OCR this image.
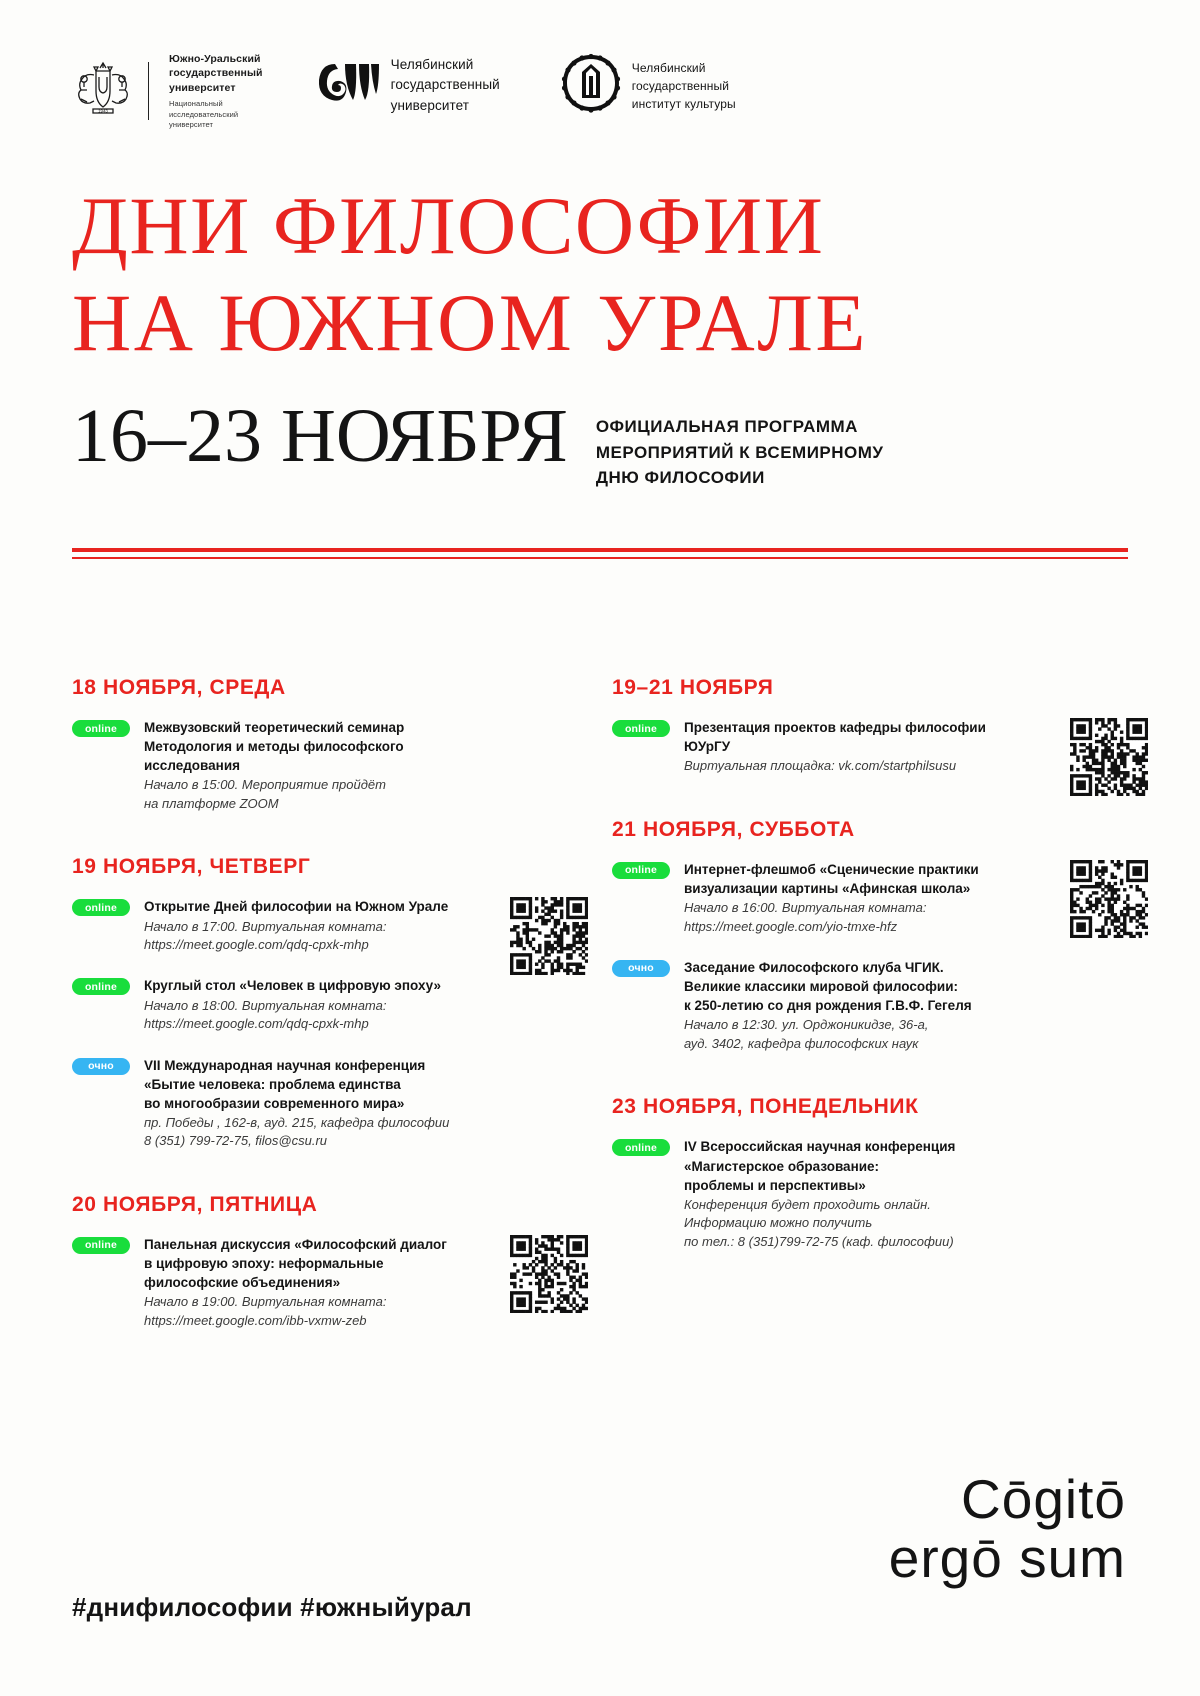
1943
Южно-Уральский
государственный
университет
Национальный
исследовательский
университет
Челябинский
государственный
университет
Челябинский
государственный
институт культуры
ДНИ ФИЛОСОФИИ
НА ЮЖНОМ УРАЛЕ
16–23 НОЯБРЯ ОФИЦИАЛЬНАЯ ПРОГРАММА
МЕРОПРИЯТИЙ К ВСЕМИРНОМУ
ДНЮ ФИЛОСОФИИ
18 НОЯБРЯ, СРЕДА
online	Межвузовский теоретический семинар
Методология и методы философского
исследования
Начало в 15:00. Мероприятие пройдёт
на платформе ZOOM
19 НОЯБРЯ, ЧЕТВЕРГ
online	Открытие Дней философии на Южном Урале
Начало в 17:00. Виртуальная комната:
https://meet.google.com/qdq-cpxk-mhp
online	Круглый стол «Человек в цифровую эпоху»
Начало в 18:00. Виртуальная комната:
https://meet.google.com/qdq-cpxk-mhp
очно	VII Международная научная конференция
«Бытие человека: проблема единства
во многообразии современного мира»
пр. Победы , 162-в, ауд. 215, кафедра философии
8 (351) 799-72-75, filos@csu.ru
20 НОЯБРЯ, ПЯТНИЦА
online	Панельная дискуссия «Философский диалог
в цифровую эпоху: неформальные
философские объединения»
Начало в 19:00. Виртуальная комната:
https://meet.google.com/ibb-vxmw-zeb
19–21 НОЯБРЯ
online	Презентация проектов кафедры философии
ЮУрГУ
Виртуальная площадка: vk.com/startphilsusu
21 НОЯБРЯ, СУББОТА
online	Интернет-флешмоб «Сценические практики
визуализации картины «Афинская школа»
Начало в 16:00. Виртуальная комната:
https://meet.google.com/yio-tmxe-hfz
очно	Заседание Философского клуба ЧГИК.
Великие классики мировой философии:
к 250-летию со дня рождения Г.В.Ф. Гегеля
Начало в 12:30. ул. Орджоникидзе, 36-а,
ауд. 3402, кафедра философских наук
23 НОЯБРЯ, ПОНЕДЕЛЬНИК
online	IV Всероссийская научная конференция
«Магистерское образование:
проблемы и перспективы»
Конференция будет проходить онлайн.
Информацию можно получить
по тел.: 8 (351)799-72-75 (каф. философии)
Cōgitō
ergō sum
#днифилософии #южныйурал
